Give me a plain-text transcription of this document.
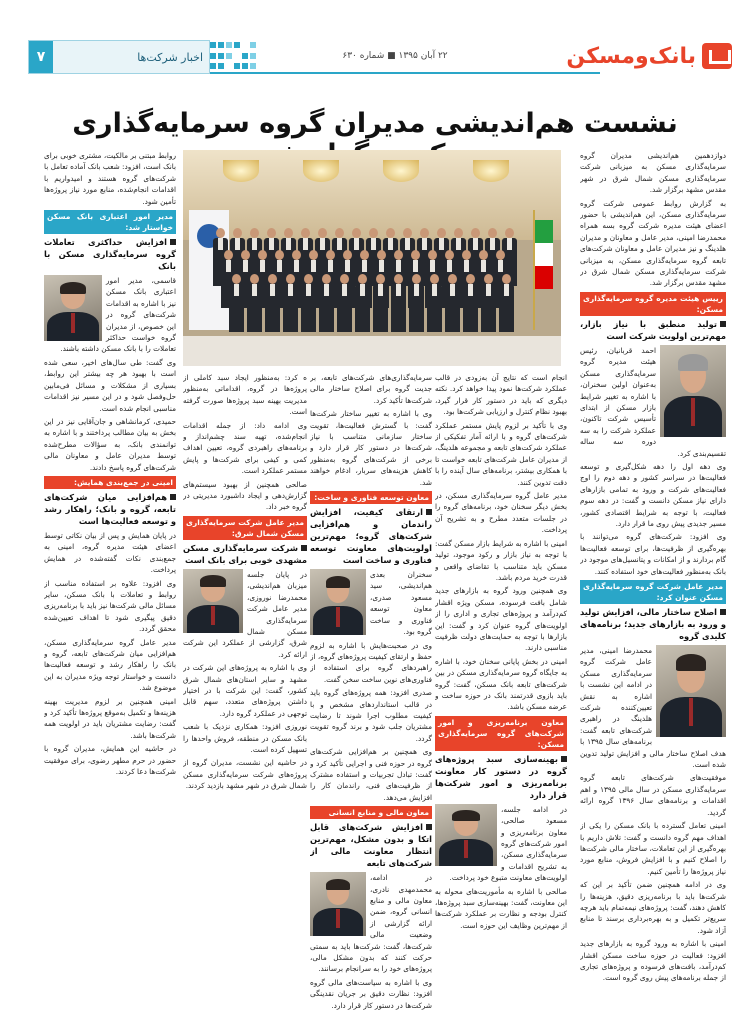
بانک‌ومسکن
۲۲ آبان ۱۳۹۵ ■ شماره ۶۳۰
اخبار شرکت‌ها
۷
نشست هم‌اندیشی مدیران گروه سرمایه‌گذاری

دوازدهمین هم‌اندیشی مدیران گروه سرمایه‌گذاری مسکن به میزبانی شرکت سرمایه‌گذاری مسکن شمال شرق در شهر مقدس مشهد برگزار شد.

به گزارش روابط عمومی شرکت گروه سرمایه‌گذاری مسکن، این هم‌اندیشی با حضور اعضای هیئت مدیره شرکت گروه بسه همراه محمدرضا امینی، مدیر عامل و معاونان و مدیران هلدینگ و نیز مدیران عامل و معاونان شرکت‌های تابعه گروه سرمایه‌گذاری مسکن، به میزبانی شرکت سرمایه‌گذاری مسکن شمال شرق در مشهد مقدس برگزار شد.

رییس هیئت مدیره گروه سرمایه‌گذاری مسکن:
تولید منطبق با نیاز بازار، مهم‌ترین اولویت شرکت است

احمد قربانیان، رئیس هیئت مدیره گروه سرمایه‌گذاری مسکن به‌عنوان اولین سخنران، با اشاره به تغییر شرایط بازار مسکن از ابتدای تأسیس شرکت تاکنون، عملکرد شرکت را به سه دوره سه ساله تقسیم‌بندی کرد.

وی دهه اول را دهه شکل‌گیری و توسعه فعالیت‌ها در سراسر کشور و دهه دوم را اوج فعالیت‌های شرکت و ورود به تمامی بازارهای دارای نیاز مسکن دانست و گفت: در دهه سوم فعالیت، با توجه به شرایط اقتصادی کشور، مسیر جدیدی پیش روی ما قرار دارد.

وی افزود: شرکت‌های گروه می‌توانند با بهره‌گیری از ظرفیت‌ها، برای توسعه فعالیت‌ها گام بردارند و از امکانات و پتانسیل‌های موجود در بانک به‌منظور فعالیت‌های خود استفاده کنند.

مدیر عامل شرکت گروه سرمایه‌گذاری مسکن عنوان کرد:
اصلاح ساختار مالی، افزایش تولید و ورود به بازارهای جدید؛ برنامه‌های کلیدی گروه

محمدرضا امینی، مدیر عامل شرکت گروه سرمایه‌گذاری مسکن در ادامه این نشست با اشاره به نقش تعیین‌کننده شرکت هلدینگ در راهبری شرکت‌های تابعه گفت: برنامه‌های سال ۱۳۹۵ با هدف اصلاح ساختار مالی و افزایش تولید تدوین شده است.

موفقیت‌های شرکت‌های تابعه گروه سرمایه‌گذاری مسکن در سال مالی ۱۳۹۵ و اهم اقدامات و برنامه‌های سال ۱۳۹۶ گروه ارائه گردید.

امینی تعامل گسترده با بانک مسکن را یکی از اهداف مهم گروه دانست و گفت: تلاش داریم با بهره‌گیری از این تعاملات، ساختار مالی شرکت‌ها را اصلاح کنیم و با افزایش فروش، منابع مورد نیاز پروژه‌ها را تأمین کنیم.

وی در ادامه همچنین ضمن تأکید بر این که شرکت‌ها باید با برنامه‌ریزی دقیق، هزینه‌ها را کاهش دهند، گفت: پروژه‌های نیمه‌تمام باید هرچه سریع‌تر تکمیل و به بهره‌برداری برسند تا منابع آزاد شود.

امینی با اشاره به ورود گروه به بازارهای جدید افزود: فعالیت در حوزه ساخت مسکن اقشار کم‌درآمد، بافت‌های فرسوده و پروژه‌های تجاری از جمله برنامه‌های پیش روی گروه است.

انجام است که نتایج آن به‌زودی در قالب عملکرد شرکت‌ها نمود پیدا خواهد کرد. نکته دیگری که باید در دستور کار قرار گیرد، بهبود نظام کنترل و ارزیابی شرکت‌ها بود.

وی با تأکید بر لزوم پایش مستمر عملکرد شرکت‌های گروه و با ارائه آمار تفکیکی از عملکرد شرکت‌های تابعه و مجموعه هلدینگ، از مدیران عامل شرکت‌های تابعه خواست تا با همکاری بیشتر، برنامه‌های سال آینده را با دقت تدوین کنند.

مدیر عامل گروه سرمایه‌گذاری مسکن، در بخش دیگر سخنان خود، برنامه‌های گروه را در جلسات متعدد مطرح و به تشریح آن پرداخت.

امینی با اشاره به شرایط بازار مسکن گفت: با توجه به نیاز بازار و رکود موجود، تولید مسکن باید متناسب با تقاضای واقعی و قدرت خرید مردم باشد.

وی همچنین ورود گروه به بازارهای جدید شامل بافت فرسوده، مسکن ویژه اقشار کم‌درآمد و پروژه‌های تجاری و اداری را از اولویت‌های گروه عنوان کرد و گفت: این بازارها با توجه به حمایت‌های دولت ظرفیت مناسبی دارند.

امینی در بخش پایانی سخنان خود، با اشاره به جایگاه گروه سرمایه‌گذاری مسکن در بین شرکت‌های تابعه بانک مسکن، گفت: گروه باید بازوی قدرتمند بانک در حوزه ساخت و عرضه مسکن باشد.

معاون برنامه‌ریزی و امور شرکت‌های گروه سرمایه‌گذاری مسکن:
بهینه‌سازی سبد پروژه‌های گروه در دستور کار معاونت برنامه‌ریزی و امور شرکت‌ها قرار دارد

در ادامه جلسه، مسعود صالحی، معاون برنامه‌ریزی و امور شرکت‌های گروه سرمایه‌گذاری مسکن، به تشریح اقدامات و اولویت‌های معاونت متبوع خود پرداخت.

صالحی با اشاره به مأموریت‌های محوله به این معاونت، گفت: بهینه‌سازی سبد پروژه‌ها، کنترل بودجه و نظارت بر عملکرد شرکت‌ها از مهم‌ترین وظایف این حوزه است.

سرمایه‌گذاری‌های شرکت‌های تابعه، بر جدیت گروه برای اصلاح ساختار مالی شرکت‌ها تأکید کرد.

وی با اشاره به تغییر ساختار شرکت‌ها گفت: با گسترش فعالیت‌ها، تقویت ساختار سازمانی متناسب با نیاز شرکت‌ها در دستور کار قرار دارد و برخی از شرکت‌های گروه به‌منظور کاهش هزینه‌های سربار، ادغام خواهند شد.

معاون توسعه فناوری و ساخت:
ارتقای کیفیت، افزایش راندمان و هم‌افزایی شرکت‌های گروه؛ مهم‌ترین اولویت‌های معاونت توسعه فناوری و ساخت است

سخنران بعدی هم‌اندیشی، سید مسعود صدری، معاون توسعه فناوری و ساخت گروه بود.

وی در صحبت‌هایش با اشاره به لزوم حفظ و ارتقای کیفیت پروژه‌های گروه، از راهبردهای گروه برای استفاده از فناوری‌های نوین ساخت سخن گفت.

صدری افزود: همه پروژه‌های گروه باید در قالب استانداردهای مشخص و با کیفیت مطلوب اجرا شوند تا رضایت مشتریان جلب شود و برند گروه تقویت گردد.

وی همچنین بر هم‌افزایی شرکت‌های گروه در حوزه فنی و اجرایی تأکید کرد و گفت: تبادل تجربیات و استفاده مشترک از ظرفیت‌های فنی، راندمان کار را افزایش می‌دهد.

معاون مالی و منابع انسانی
افزایش شرکت‌های قابل اتکا و بدون مشکل، مهم‌ترین انتظار معاونت مالی از شرکت‌های تابعه

در ادامه، محمدمهدی نادری، معاون مالی و منابع انسانی گروه، ضمن ارائه گزارشی از وضعیت مالی شرکت‌ها، گفت: شرکت‌ها باید به سمتی حرکت کنند که بدون مشکل مالی، پروژه‌های خود را به سرانجام برسانند.

وی با اشاره به سیاست‌های مالی گروه افزود: نظارت دقیق بر جریان نقدینگی شرکت‌ها در دستور کار قرار دارد.

ه کرد: به‌منظور ایجاد سبد کاملی از پروژه‌ها در گروه، اقداماتی به‌منظور مدیریت بهینه سبد پروژه‌ها صورت گرفته است.

وی ادامه داد: از جمله اقدامات انجام‌شده، تهیه سند چشم‌انداز و برنامه‌های راهبردی گروه، تعیین اهداف کمی و کیفی برای شرکت‌ها و پایش مستمر عملکرد است.

صالحی همچنین از بهبود سیستم‌های گزارش‌دهی و ایجاد داشبورد مدیریتی در گروه خبر داد.

مدیر عامل شرکت سرمایه‌گذاری مسکن شمال شرق:
شرکت سرمایه‌گذاری مسکن مشهدی خوبی برای بانک است

در پایان جلسه میزبان هم‌اندیشی، محمدرضا نوروزی، مدیر عامل شرکت سرمایه‌گذاری مسکن شمال شرق، گزارشی از عملکرد این شرکت ارائه کرد.

وی با اشاره به پروژه‌های این شرکت در مشهد و سایر استان‌های شمال شرق کشور، گفت: این شرکت با در اختیار داشتن پروژه‌های متعدد، سهم قابل توجهی در عملکرد گروه دارد.

نوروزی افزود: همکاری نزدیک با شعب بانک مسکن در منطقه، فروش واحدها را تسهیل کرده است.

در حاشیه این نشست، مدیران گروه از پروژه‌های شرکت سرمایه‌گذاری مسکن شمال شرق در شهر مشهد بازدید کردند.

روابط مبتنی بر مالکیت، مشتری خوبی برای بانک است، افزود: شعب بانک آماده تعامل با شرکت‌های گروه هستند و امیدواریم با اقدامات انجام‌شده، منابع مورد نیاز پروژه‌ها تأمین شود.

مدیر امور اعتباری بانک مسکن خواستار شد:
افزایش حداکثری تعاملات گروه سرمایه‌گذاری مسکن با بانک

قاسمی، مدیر امور اعتباری بانک مسکن نیز با اشاره به اقدامات شرکت‌های گروه در این خصوص، از مدیران گروه خواست حداکثر تعاملات را با بانک مسکن داشته باشند.

وی گفت: طی سال‌های اخیر، سعی شده است با بهبود هر چه بیشتر این روابط، بسیاری از مشکلات و مسائل فی‌مابین حل‌وفصل شود و در این مسیر نیز اقدامات مناسبی انجام شده است.

حمیدی، کرمانشاهی و جان‌آقایی نیز در این بخش به بیان مطالب پرداختند و با اشاره به توانمندی بانک، به سؤالات مطرح‌شده توسط مدیران عامل و معاونان مالی شرکت‌های گروه پاسخ دادند.

امینی در جمع‌بندی همایش:
هم‌افزایی میان شرکت‌های تابعه، گروه و بانک؛ راهکار رشد و توسعه فعالیت‌ها است

در پایان همایش و پس از بیان نکاتی توسط اعضای هیئت مدیره گروه، امینی به جمع‌بندی نکات گفته‌شده در همایش پرداخت.

وی افزود: علاوه بر استفاده مناسب از روابط و تعاملات با بانک مسکن، سایر مسائل مالی شرکت‌ها نیز باید با برنامه‌ریزی دقیق پیگیری شود تا اهداف تعیین‌شده محقق گردد.

مدیر عامل گروه سرمایه‌گذاری مسکن، هم‌افزایی میان شرکت‌های تابعه، گروه و بانک را راهکار رشد و توسعه فعالیت‌ها دانست و خواستار توجه ویژه مدیران به این موضوع شد.

امینی همچنین بر لزوم مدیریت بهینه هزینه‌ها و تکمیل به‌موقع پروژه‌ها تأکید کرد و گفت: رضایت مشتریان باید در اولویت همه شرکت‌ها باشد.

در حاشیه این همایش، مدیران گروه با حضور در حرم مطهر رضوی، برای موفقیت شرکت‌ها دعا کردند.
